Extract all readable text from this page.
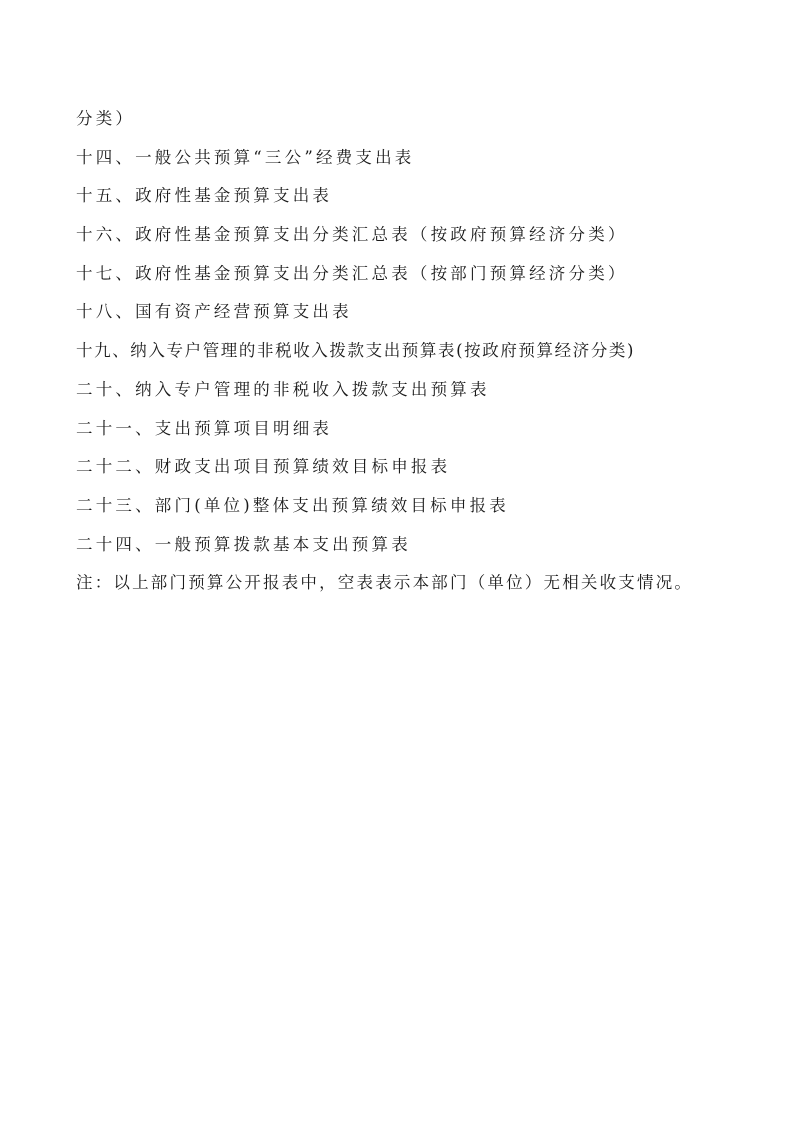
分类）
十四、一般公共预算“三公”经费支出表
十五、政府性基金预算支出表
十六、政府性基金预算支出分类汇总表（按政府预算经济分类）
十七、政府性基金预算支出分类汇总表（按部门预算经济分类）
十八、国有资产经营预算支出表
十九、纳入专户管理的非税收入拨款支出预算表(按政府预算经济分类)
二十、纳入专户管理的非税收入拨款支出预算表
二十一、支出预算项目明细表
二十二、财政支出项目预算绩效目标申报表
二十三、部门(单位)整体支出预算绩效目标申报表
二十四、一般预算拨款基本支出预算表
注：以上部门预算公开报表中，空表表示本部门（单位）无相关收支情况。
